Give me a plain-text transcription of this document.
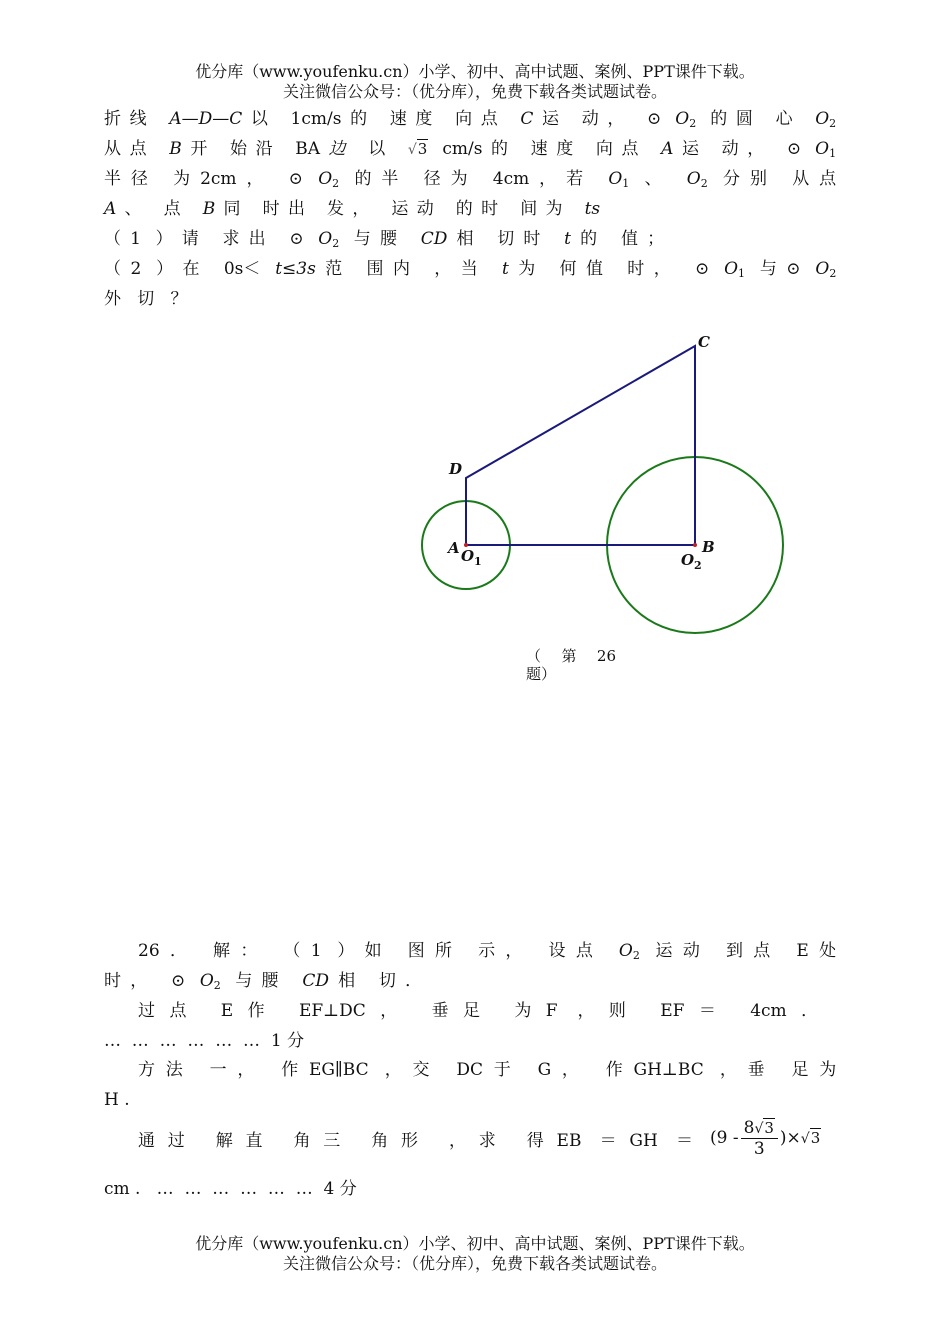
优分库（www.youfenku.cn）小学、初中、高中试题、案例、PPT课件下载。
关注微信公众号：（优分库），免费下载各类试题试卷。
折线 A—D—C以 1cm/s的 速度 向点 C运 动， ⊙ $O_2$ 的圆 心 $O_2$
从点 B开 始沿 BA边 以 √3 cm/s的 速度 向点 A运 动， ⊙ $O_1$
半径 为2cm， ⊙ $O_2$ 的半 径为 4cm，若 $O_1$ 、 $O_2$ 分别 从点
A、 点 B同 时出 发， 运动 的时 间为 ts
（1 ）请 求出 ⊙ $O_2$ 与腰 CD相 切时 t的 值；
（2 ）在 0s＜ t≤3s范 围内 ，当 t为 何值 时， ⊙ $O_1$ 与⊙ $O_2$
外 切 ？
C
D
A	B
O 1	O 2
（第26
题）
26． 解： （1 ）如 图所 示， 设点 $O_2$ 运动 到点 E处
时， ⊙ $O_2$ 与腰 CD相 切．
过点 E作 EF⊥DC， 垂足 为F ，则 EF＝ 4cm．
…  …  …  …  …  …  1 分
方法 一， 作EG∥BC ，交 DC于 G， 作GH⊥BC ，垂 足为
H .
通过 解直 角三 角形 ，求 得EB $=GH = (9 - \frac{8√3}{3} )\times√3$
cm .   …  …  …  …  …  …  4 分
优分库（www.youfenku.cn）小学、初中、高中试题、案例、PPT课件下载。
关注微信公众号：（优分库），免费下载各类试题试卷。
